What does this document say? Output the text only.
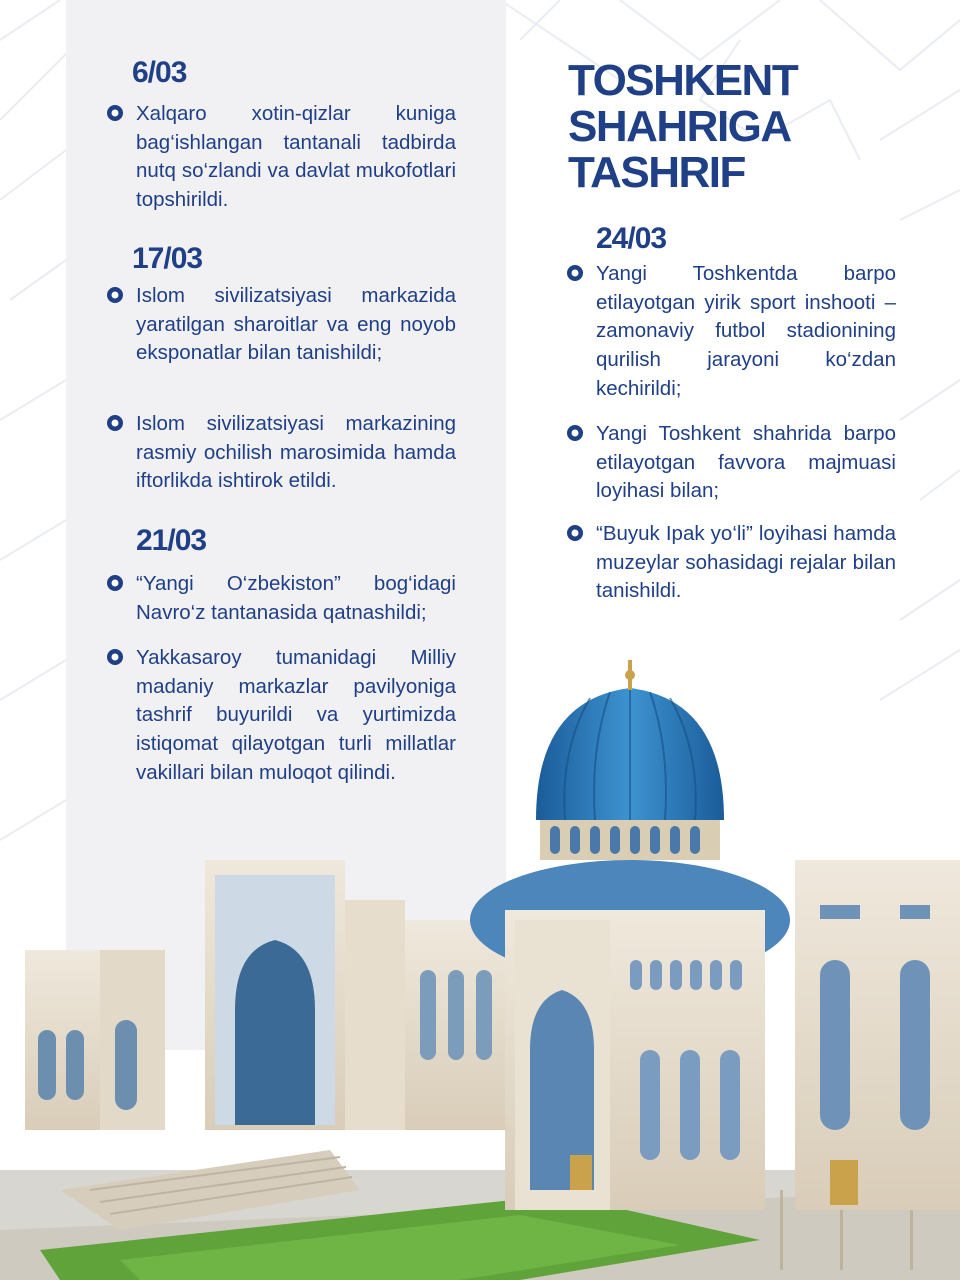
6/03
Xalqaro xotin-qizlar kuniga bag‘ishlangan tantanali tadbirda nutq so‘zlandi va davlat mukofotlari topshirildi.
17/03
Islom sivilizatsiyasi markazida yaratilgan sharoitlar va eng noyob eksponatlar bilan tanishildi;
Islom sivilizatsiyasi markazining rasmiy ochilish marosimida hamda iftorlikda ishtirok etildi.
21/03
“Yangi O‘zbekiston” bog‘idagi Navro‘z tantanasida qatnashildi;
Yakkasaroy tumanidagi Milliy madaniy markazlar pavilyoniga tashrif buyurildi va yurtimizda istiqomat qilayotgan turli millatlar vakillari bilan muloqot qilindi.
TOSHKENT
SHAHRIGA
TASHRIF
24/03
Yangi Toshkentda barpo etilayotgan yirik sport inshooti – zamonaviy futbol stadionining qurilish jarayoni ko‘zdan kechirildi;
Yangi Toshkent shahrida barpo etilayotgan favvora majmuasi loyihasi bilan;
“Buyuk Ipak yo‘li” loyihasi hamda muzeylar sohasidagi rejalar bilan tanishildi.
